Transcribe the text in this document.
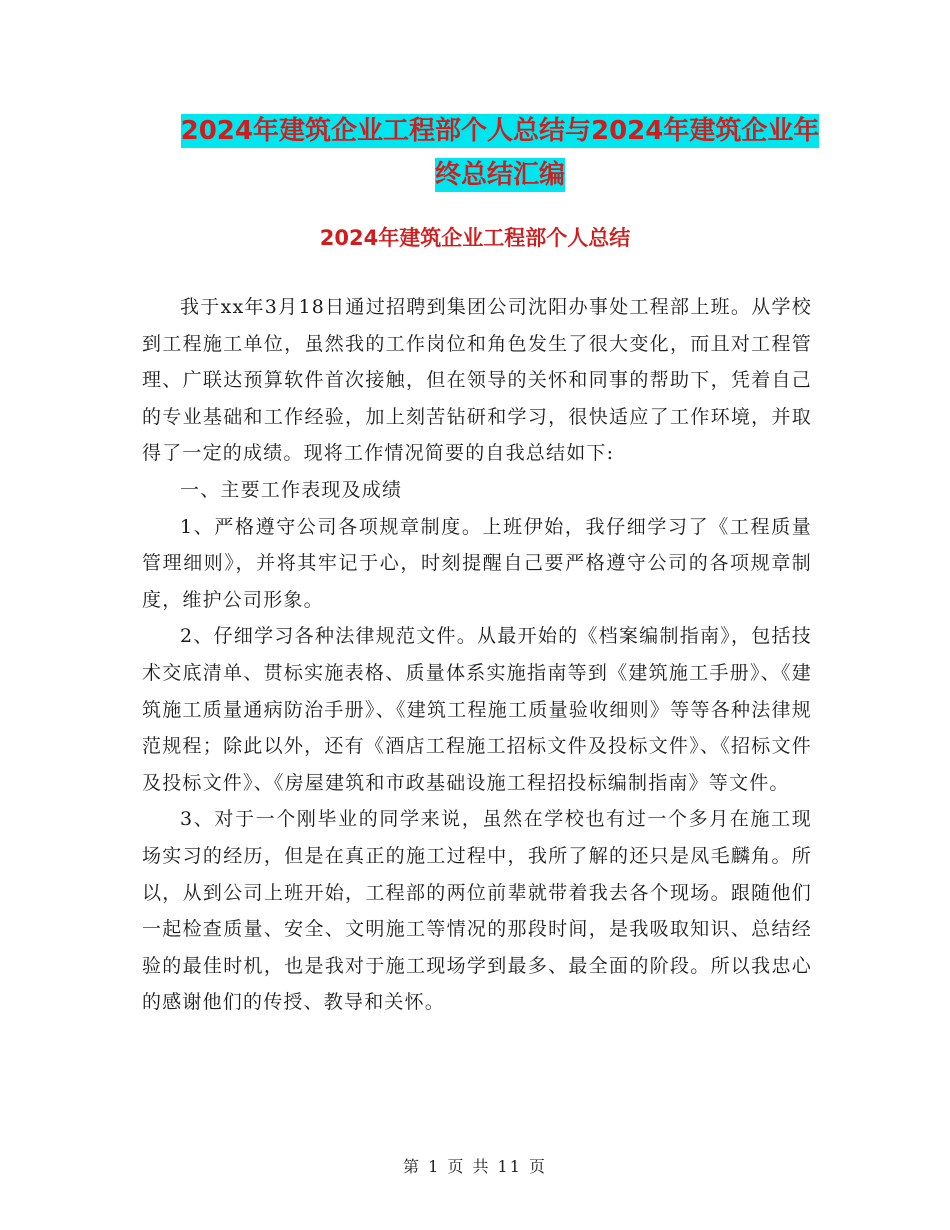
2024年建筑企业工程部个人总结与2024年建筑企业年
终总结汇编
2024年建筑企业工程部个人总结

我于xx年3月18日通过招聘到集团公司沈阳办事处工程部上班。从学校到工程施工单位，虽然我的工作岗位和角色发生了很大变化，而且对工程管理、广联达预算软件首次接触，但在领导的关怀和同事的帮助下，凭着自己的专业基础和工作经验，加上刻苦钻研和学习，很快适应了工作环境，并取得了一定的成绩。现将工作情况简要的自我总结如下:

一、主要工作表现及成绩

1、严格遵守公司各项规章制度。上班伊始，我仔细学习了《工程质量管理细则》，并将其牢记于心，时刻提醒自己要严格遵守公司的各项规章制度，维护公司形象。

2、仔细学习各种法律规范文件。从最开始的《档案编制指南》，包括技术交底清单、贯标实施表格、质量体系实施指南等到《建筑施工手册》、《建筑施工质量通病防治手册》、《建筑工程施工质量验收细则》等等各种法律规范规程；除此以外，还有《酒店工程施工招标文件及投标文件》、《招标文件及投标文件》、《房屋建筑和市政基础设施工程招投标编制指南》等文件。

3、对于一个刚毕业的同学来说，虽然在学校也有过一个多月在施工现场实习的经历，但是在真正的施工过程中，我所了解的还只是凤毛麟角。所以，从到公司上班开始，工程部的两位前辈就带着我去各个现场。跟随他们一起检查质量、安全、文明施工等情况的那段时间，是我吸取知识、总结经验的最佳时机，也是我对于施工现场学到最多、最全面的阶段。所以我忠心的感谢他们的传授、教导和关怀。

第 1 页 共 11 页
